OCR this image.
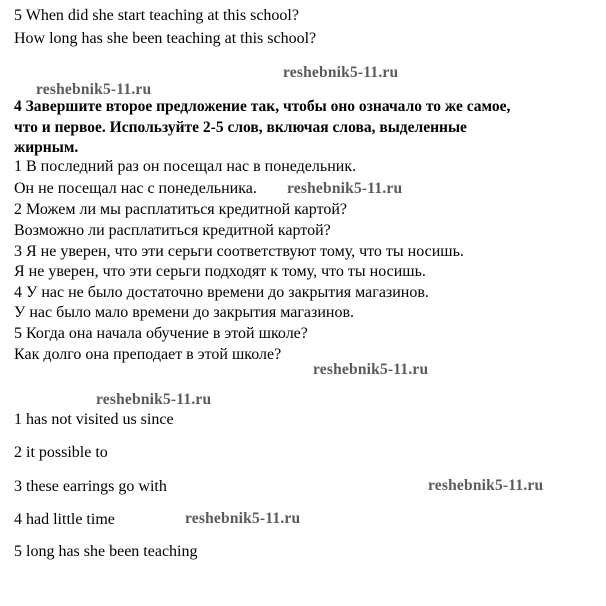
5 When did she start teaching at this school?
How long has she been teaching at this school?
reshebnik5-11.ru
reshebnik5-11.ru
4 Завершите второе предложение так, чтобы оно означало то же самое,
что и первое. Используйте 2-5 слов, включая слова, выделенные
жирным.
1 В последний раз он посещал нас в понедельник.
Он не посещал нас с понедельника. reshebnik5-11.ru
2 Можем ли мы расплатиться кредитной картой?
Возможно ли расплатиться кредитной картой?
3 Я не уверен, что эти серьги соответствуют тому, что ты носишь.
Я не уверен, что эти серьги подходят к тому, что ты носишь.
4 У нас не было достаточно времени до закрытия магазинов.
У нас было мало времени до закрытия магазинов.
5 Когда она начала обучение в этой школе?
Как долго она преподает в этой школе?
reshebnik5-11.ru
reshebnik5-11.ru
1 has not visited us since
2 it possible to
3 these earrings go with	reshebnik5-11.ru
4 had little time	reshebnik5-11.ru
5 long has she been teaching
